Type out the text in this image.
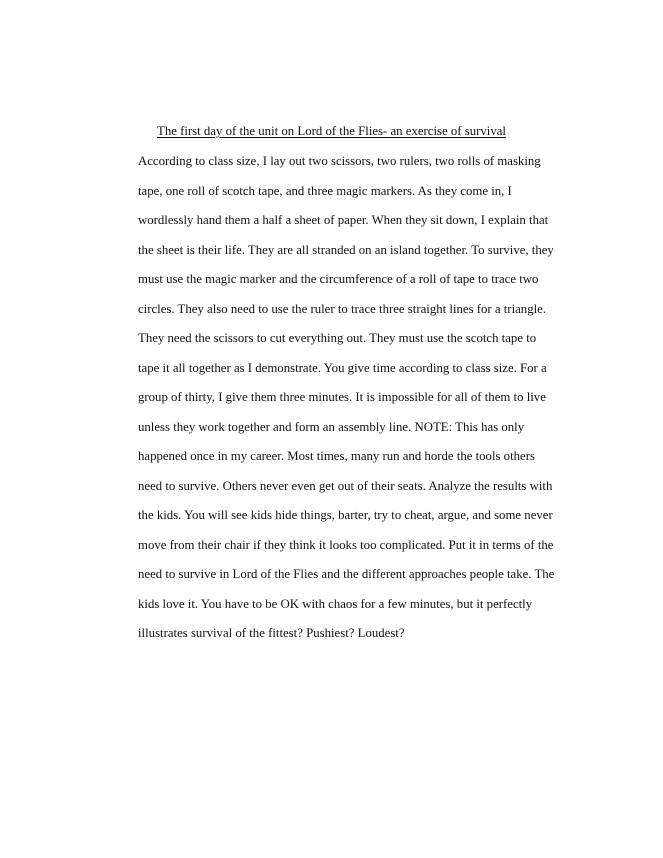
The first day of the unit on Lord of the Flies- an exercise of survival
According to class size, I lay out two scissors, two rulers, two rolls of masking
tape, one roll of scotch tape, and three magic markers. As they come in, I
wordlessly hand them a half a sheet of paper. When they sit down, I explain that
the sheet is their life. They are all stranded on an island together. To survive, they
must use the magic marker and the circumference of a roll of tape to trace two
circles. They also need to use the ruler to trace three straight lines for a triangle.
They need the scissors to cut everything out. They must use the scotch tape to
tape it all together as I demonstrate. You give time according to class size. For a
group of thirty, I give them three minutes. It is impossible for all of them to live
unless they work together and form an assembly line. NOTE: This has only
happened once in my career. Most times, many run and horde the tools others
need to survive. Others never even get out of their seats. Analyze the results with
the kids. You will see kids hide things, barter, try to cheat, argue, and some never
move from their chair if they think it looks too complicated. Put it in terms of the
need to survive in Lord of the Flies and the different approaches people take. The
kids love it. You have to be OK with chaos for a few minutes, but it perfectly
illustrates survival of the fittest? Pushiest? Loudest?
